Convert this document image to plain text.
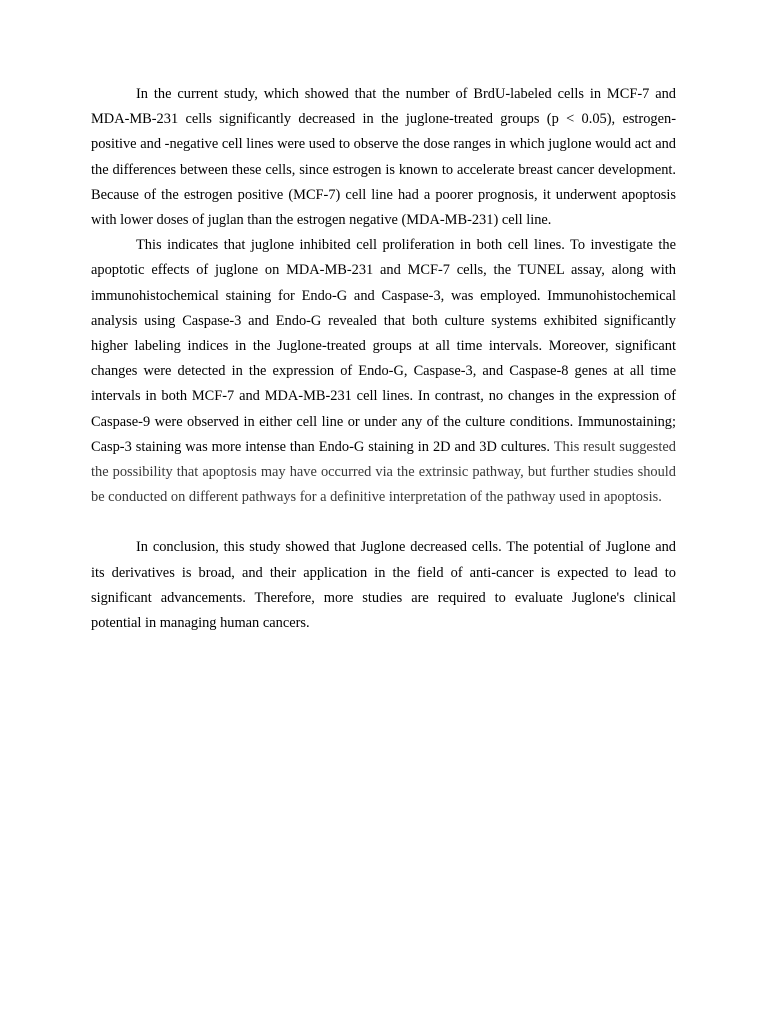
In the current study, which showed that the number of BrdU-labeled cells in MCF-7 and MDA-MB-231 cells significantly decreased in the juglone-treated groups (p < 0.05), estrogen-positive and -negative cell lines were used to observe the dose ranges in which juglone would act and the differences between these cells, since estrogen is known to accelerate breast cancer development. Because of the estrogen positive (MCF-7) cell line had a poorer prognosis, it underwent apoptosis with lower doses of juglan than the estrogen negative (MDA-MB-231) cell line.

This indicates that juglone inhibited cell proliferation in both cell lines. To investigate the apoptotic effects of juglone on MDA-MB-231 and MCF-7 cells, the TUNEL assay, along with immunohistochemical staining for Endo-G and Caspase-3, was employed. Immunohistochemical analysis using Caspase-3 and Endo-G revealed that both culture systems exhibited significantly higher labeling indices in the Juglone-treated groups at all time intervals. Moreover, significant changes were detected in the expression of Endo-G, Caspase-3, and Caspase-8 genes at all time intervals in both MCF-7 and MDA-MB-231 cell lines. In contrast, no changes in the expression of Caspase-9 were observed in either cell line or under any of the culture conditions. Immunostaining; Casp-3 staining was more intense than Endo-G staining in 2D and 3D cultures. This result suggested the possibility that apoptosis may have occurred via the extrinsic pathway, but further studies should be conducted on different pathways for a definitive interpretation of the pathway used in apoptosis.

In conclusion, this study showed that Juglone decreased cells. The potential of Juglone and its derivatives is broad, and their application in the field of anti-cancer is expected to lead to significant advancements. Therefore, more studies are required to evaluate Juglone's clinical potential in managing human cancers.
